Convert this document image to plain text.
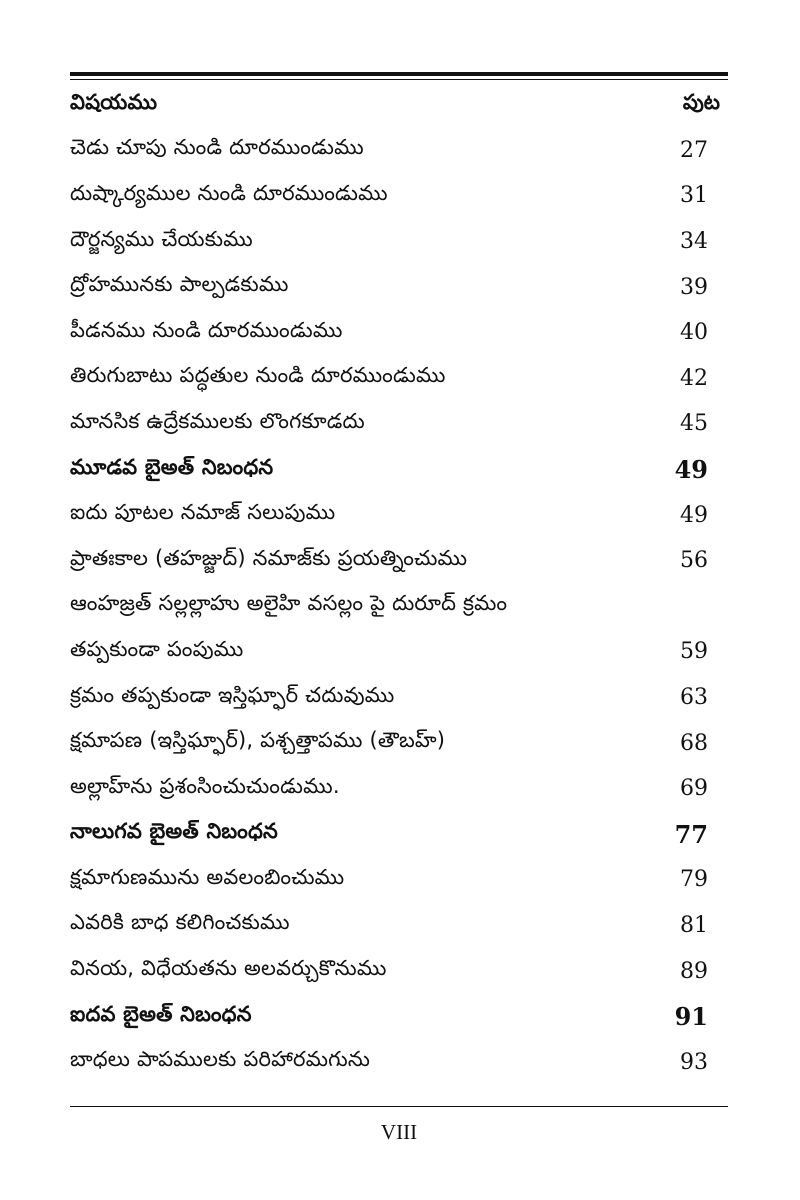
విషయము	పుట
చెడు చూపు నుండి దూరముండుము	27
దుష్కార్యముల నుండి దూరముండుము	31
దౌర్జన్యము చేయకుము	34
ద్రోహమునకు పాల్పడకుము	39
పీడనము నుండి దూరముండుము	40
తిరుగుబాటు పద్ధతుల నుండి దూరముండుము	42
మానసిక ఉద్రేకములకు లొంగకూడదు	45
మూడవ బైఅత్ నిబంధన	49
ఐదు పూటల నమాజ్ సలుపుము	49
ప్రాతఃకాల (తహజ్జుద్) నమాజ్‌కు ప్రయత్నించుము	56
ఆంహజ్రత్ సల్లల్లాహు అలైహి వసల్లం పై దురూద్ క్రమం
తప్పకుండా పంపుము	59
క్రమం తప్పకుండా ఇస్తిఘ్ఫార్ చదువుము	63
క్షమాపణ (ఇస్తిఘ్ఫార్), పశ్చత్తాపము (తౌబహ్)	68
అల్లాహ్‌ను ప్రశంసించుచుండుము.	69
నాలుగవ బైఅత్ నిబంధన	77
క్షమాగుణమును అవలంబించుము	79
ఎవరికి బాధ కలిగించకుము	81
వినయ, విధేయతను అలవర్చుకొనుము	89
ఐదవ బైఅత్ నిబంధన	91
బాధలు పాపములకు పరిహారమగును	93
VIII
